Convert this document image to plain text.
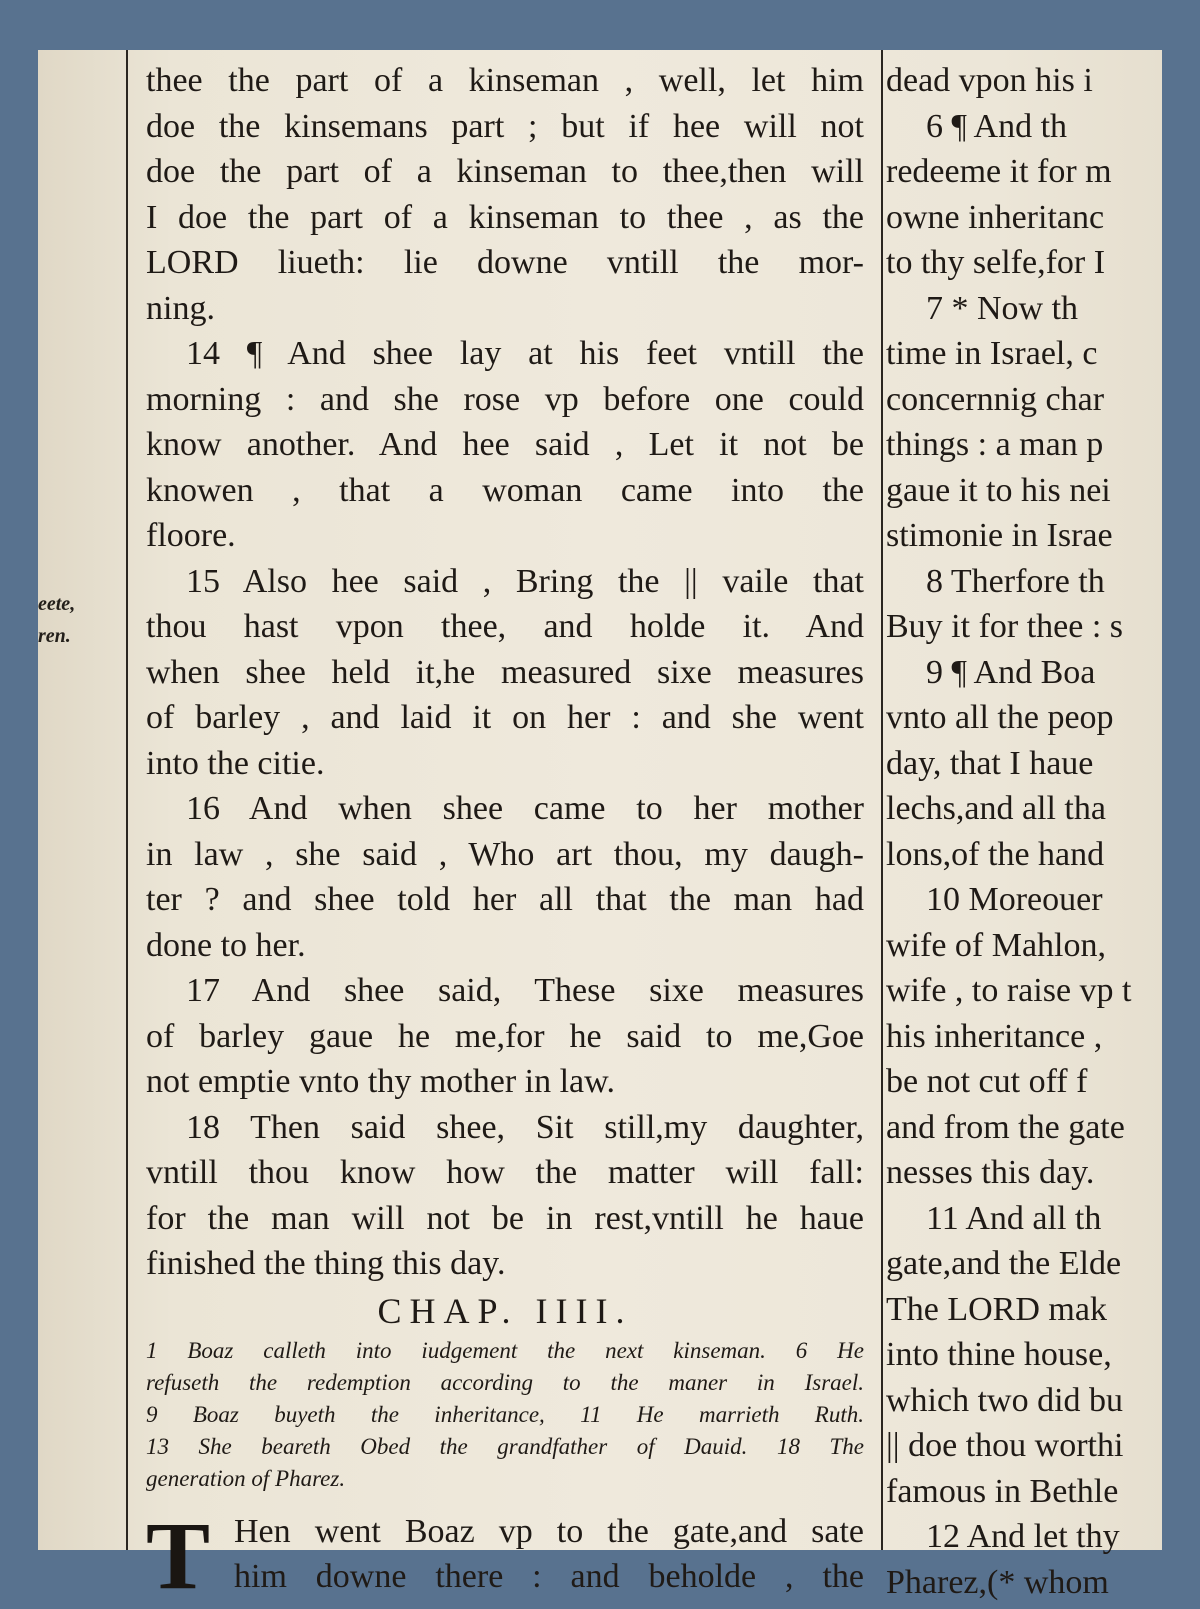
eete,
ren.
thee the part of a kinseman , well, let him
doe the kinsemans part ; but if hee will not
doe the part of a kinseman to thee,then will
I doe the part of a kinseman to thee , as the
LORD liueth: lie downe vntill the mor-
ning.
14 ¶ And shee lay at his feet vntill the
morning : and she rose vp before one could
know another. And hee said , Let it not be
knowen , that a woman came into the
floore.
15 Also hee said , Bring the || vaile that
thou hast vpon thee, and holde it. And
when shee held it,he measured sixe measures
of barley , and laid it on her : and she went
into the citie.
16 And when shee came to her mother
in law , she said , Who art thou, my daugh-
ter ? and shee told her all that the man had
done to her.
17 And shee said, These sixe measures
of barley gaue he me,for he said to me,Goe
not emptie vnto thy mother in law.
18 Then said shee, Sit still,my daughter,
vntill thou know how the matter will fall:
for the man will not be in rest,vntill he haue
finished the thing this day.
CHAP. IIII.
1 Boaz calleth into iudgement the next kinseman. 6 He
refuseth the redemption according to the maner in Israel.
9 Boaz buyeth the inheritance, 11 He marrieth Ruth.
13 She beareth Obed the grandfather of Dauid. 18 The
generation of Pharez.
T Hen went Boaz vp to the gate,and sate
him downe there : and beholde , the
dead vpon his i
6 ¶ And th
redeeme it for m
owne inheritanc
to thy selfe,for I
7 * Now th
time in Israel, c
concernnig char
things : a man p
gaue it to his nei
stimonie in Israe
8 Therfore th
Buy it for thee : s
9 ¶ And Boa
vnto all the peop
day, that I haue
lechs,and all tha
lons,of the hand
10 Moreouer
wife of Mahlon,
wife , to raise vp t
his inheritance ,
be not cut off f
and from the gate
nesses this day.
11 And all th
gate,and the Elde
The LORD mak
into thine house,
which two did bu
|| doe thou worthi
famous in Bethle
12 And let thy
Pharez,(* whom
